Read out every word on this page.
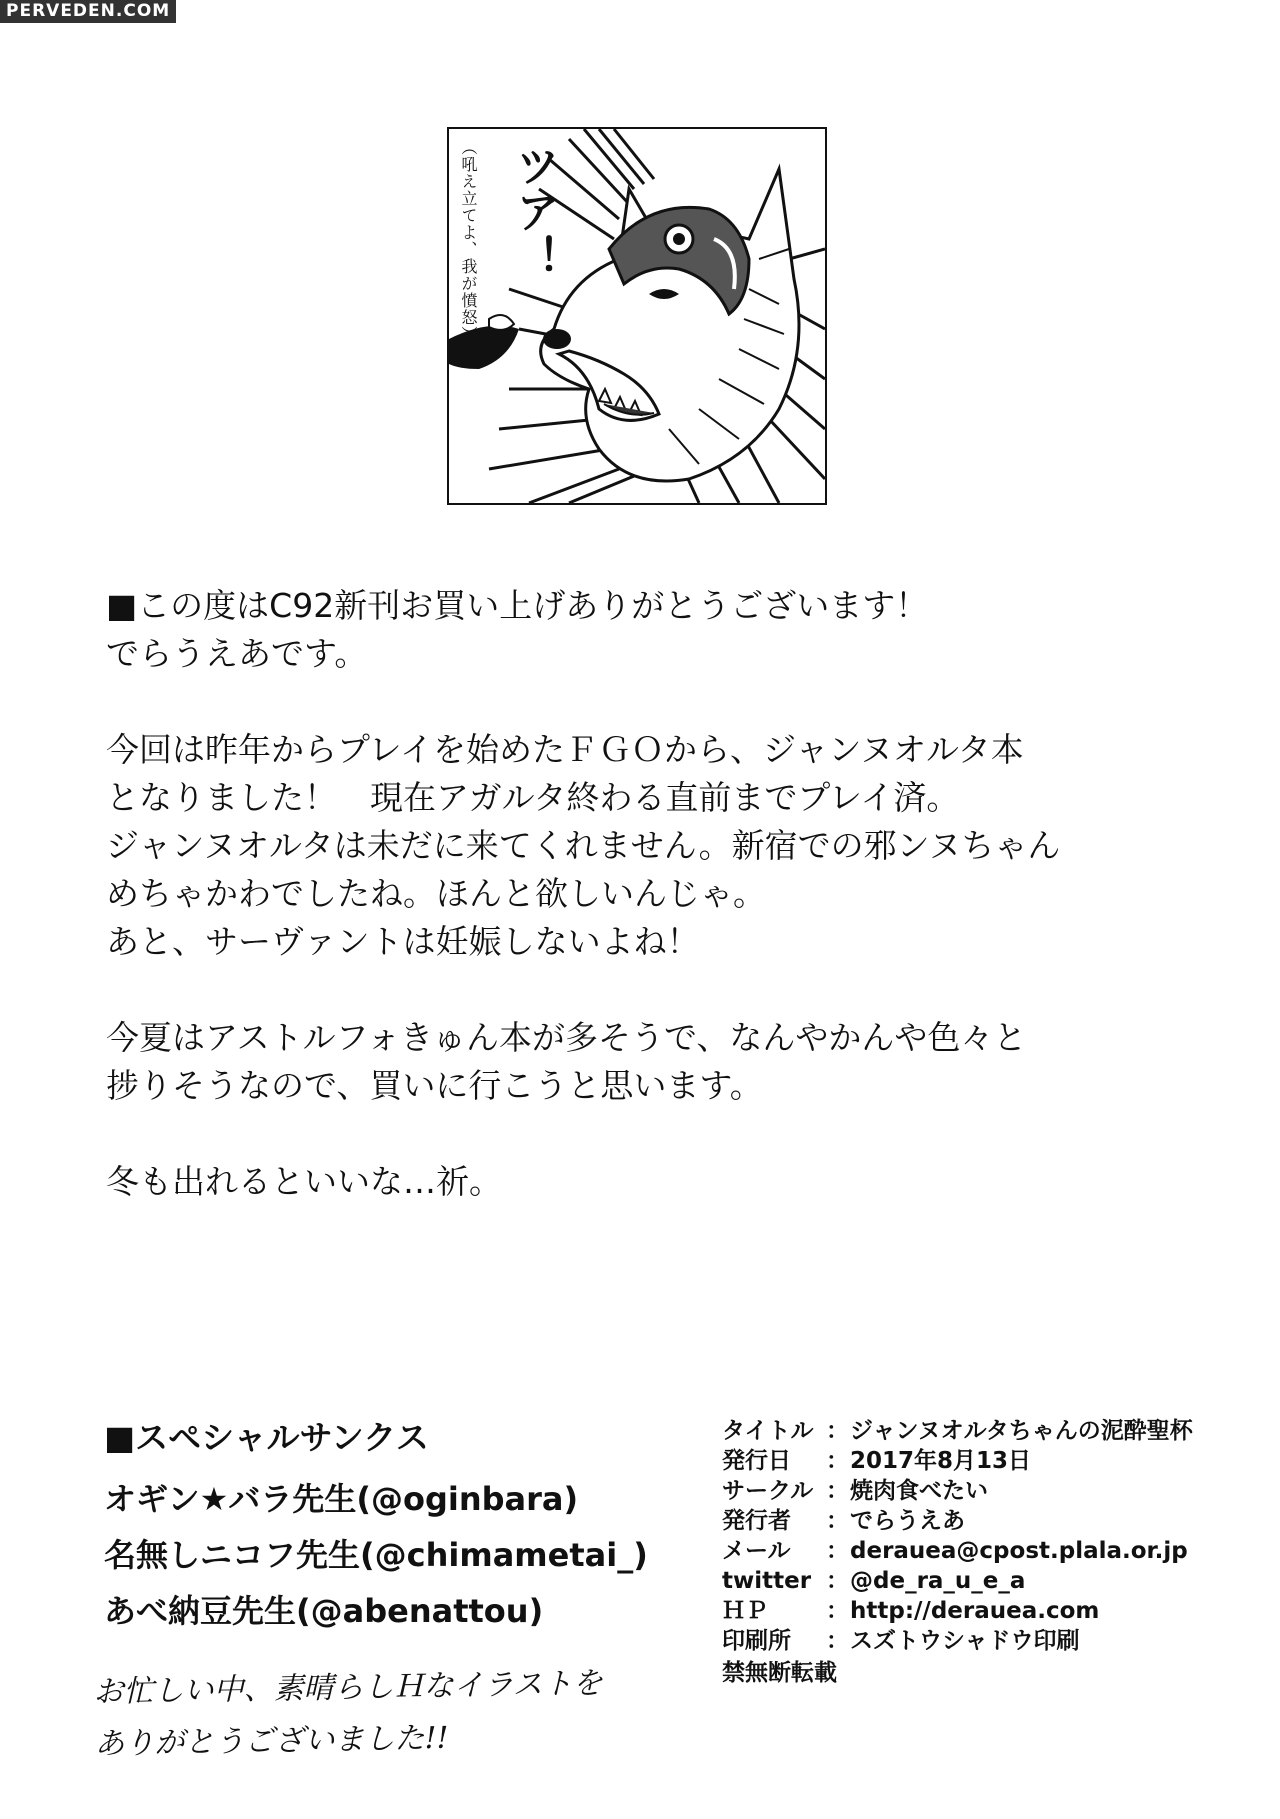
PERVEDEN.COM
ツア！
（吼え立てよ、我が憤怒）

■この度はC92新刊お買い上げありがとうございます！

でらうえあです。

今回は昨年からプレイを始めたＦＧＯから、ジャンヌオルタ本

となりました！　現在アガルタ終わる直前までプレイ済。

ジャンヌオルタは未だに来てくれません。新宿での邪ンヌちゃん

めちゃかわでしたね。ほんと欲しいんじゃ。

あと、サーヴァントは妊娠しないよね！

今夏はアストルフォきゅん本が多そうで、なんやかんや色々と

捗りそうなので、買いに行こうと思います。

冬も出れるといいな…祈。

■スペシャルサンクス
オギン★バラ先生(@oginbara)
名無しニコフ先生(@chimametai_)
あべ納豆先生(@abenattou)

お忙しい中、素晴らしＨなイラストを

ありがとうございました!!

タイトル ： ジャンヌオルタちゃんの泥酔聖杯
発行日	： 2017年8月13日
サークル ： 焼肉食べたい
発行者	： でらうえあ
メール	： derauea@cpost.plala.or.jp
twitter ： @de_ra_u_e_a
ＨＰ	： http://derauea.com
印刷所	： スズトウシャドウ印刷
禁無断転載
